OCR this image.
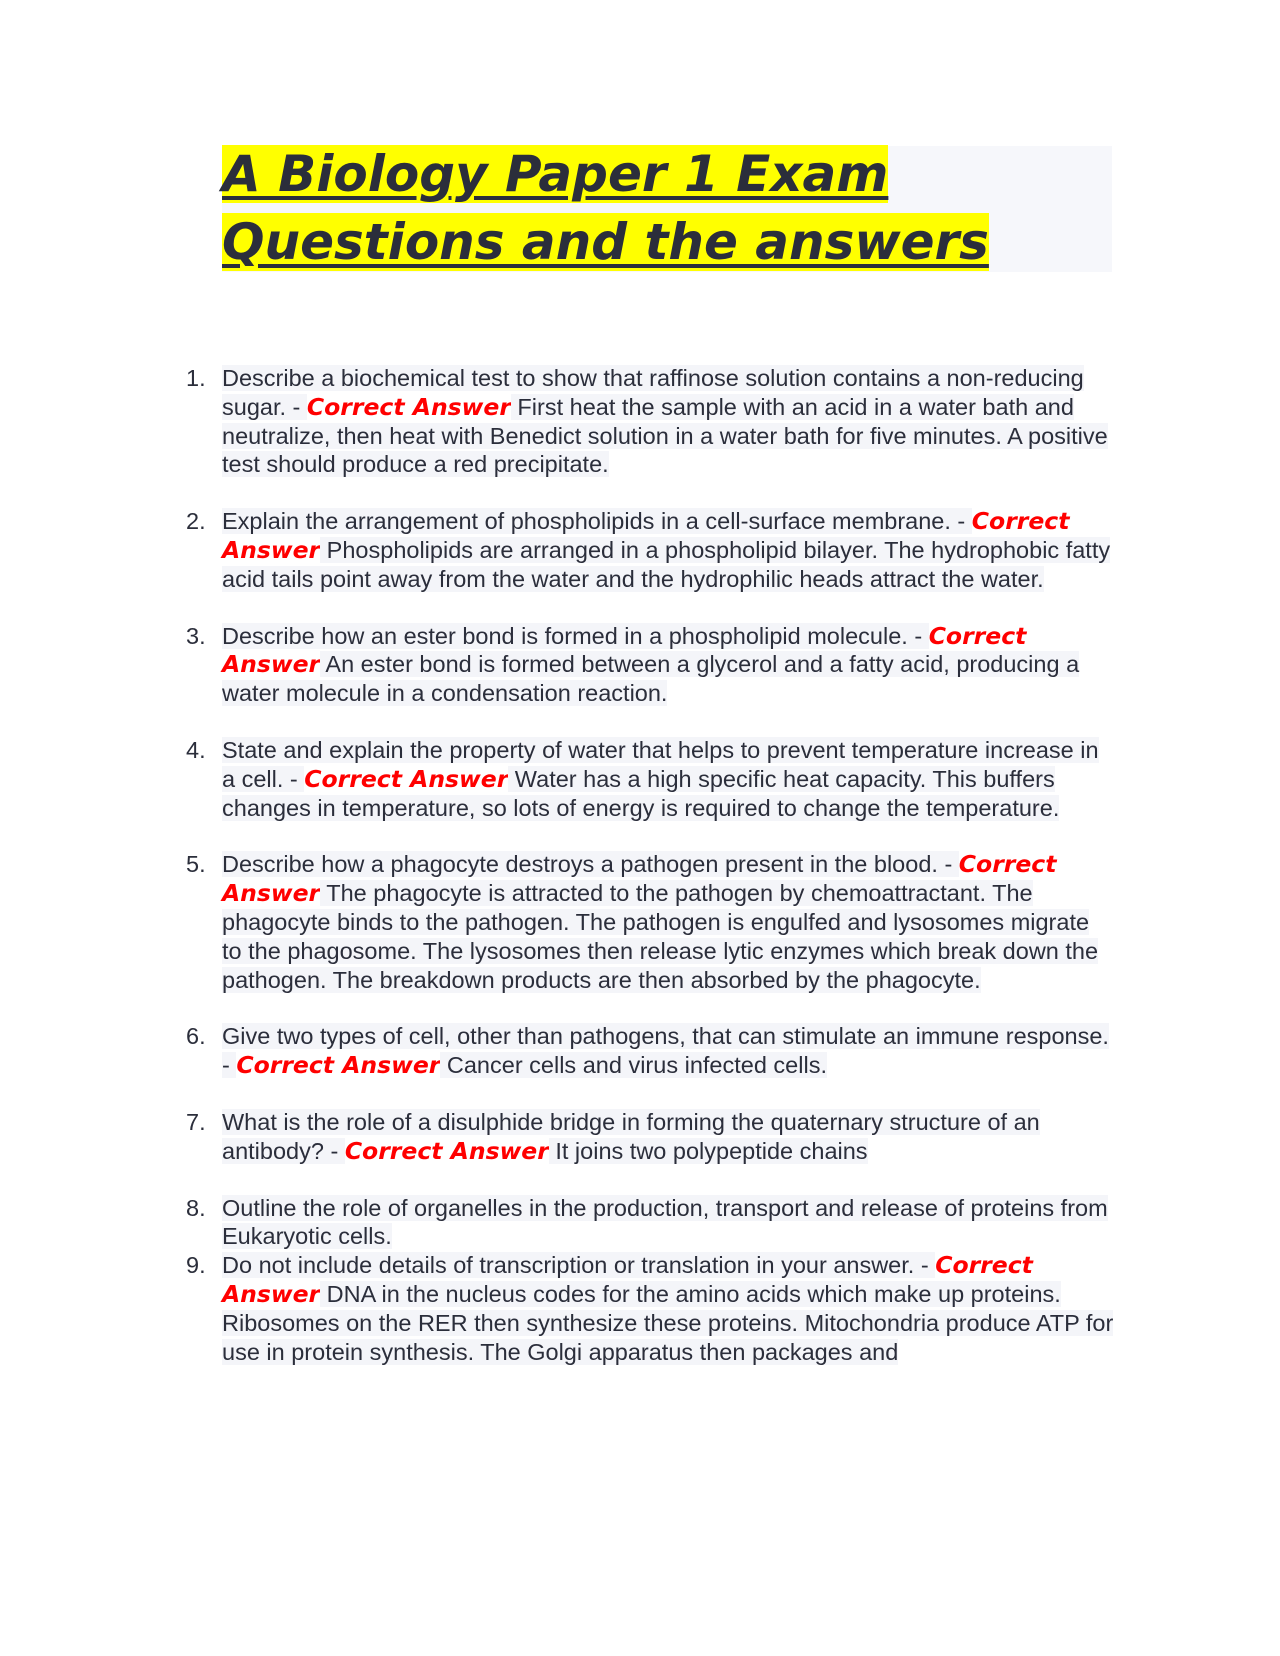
A Biology Paper 1 Exam
Questions and the answers
1. Describe a biochemical test to show that raffinose solution contains a non-reducing sugar. - Correct Answer First heat the sample with an acid in a water bath and neutralize, then heat with Benedict solution in a water bath for five minutes. A positive test should produce a red precipitate.
2. Explain the arrangement of phospholipids in a cell-surface membrane. - Correct Answer Phospholipids are arranged in a phospholipid bilayer. The hydrophobic fatty acid tails point away from the water and the hydrophilic heads attract the water.
3. Describe how an ester bond is formed in a phospholipid molecule. - Correct Answer An ester bond is formed between a glycerol and a fatty acid, producing a water molecule in a condensation reaction.
4. State and explain the property of water that helps to prevent temperature increase in a cell. - Correct Answer Water has a high specific heat capacity. This buffers changes in temperature, so lots of energy is required to change the temperature.
5. Describe how a phagocyte destroys a pathogen present in the blood. - Correct Answer The phagocyte is attracted to the pathogen by chemoattractant. The phagocyte binds to the pathogen. The pathogen is engulfed and lysosomes migrate to the phagosome. The lysosomes then release lytic enzymes which break down the pathogen. The breakdown products are then absorbed by the phagocyte.
6. Give two types of cell, other than pathogens, that can stimulate an immune response. - Correct Answer Cancer cells and virus infected cells.
7. What is the role of a disulphide bridge in forming the quaternary structure of an antibody? - Correct Answer It joins two polypeptide chains
8. Outline the role of organelles in the production, transport and release of proteins from Eukaryotic cells.
9. Do not include details of transcription or translation in your answer. - Correct Answer DNA in the nucleus codes for the amino acids which make up proteins. Ribosomes on the RER then synthesize these proteins. Mitochondria produce ATP for use in protein synthesis. The Golgi apparatus then packages and
